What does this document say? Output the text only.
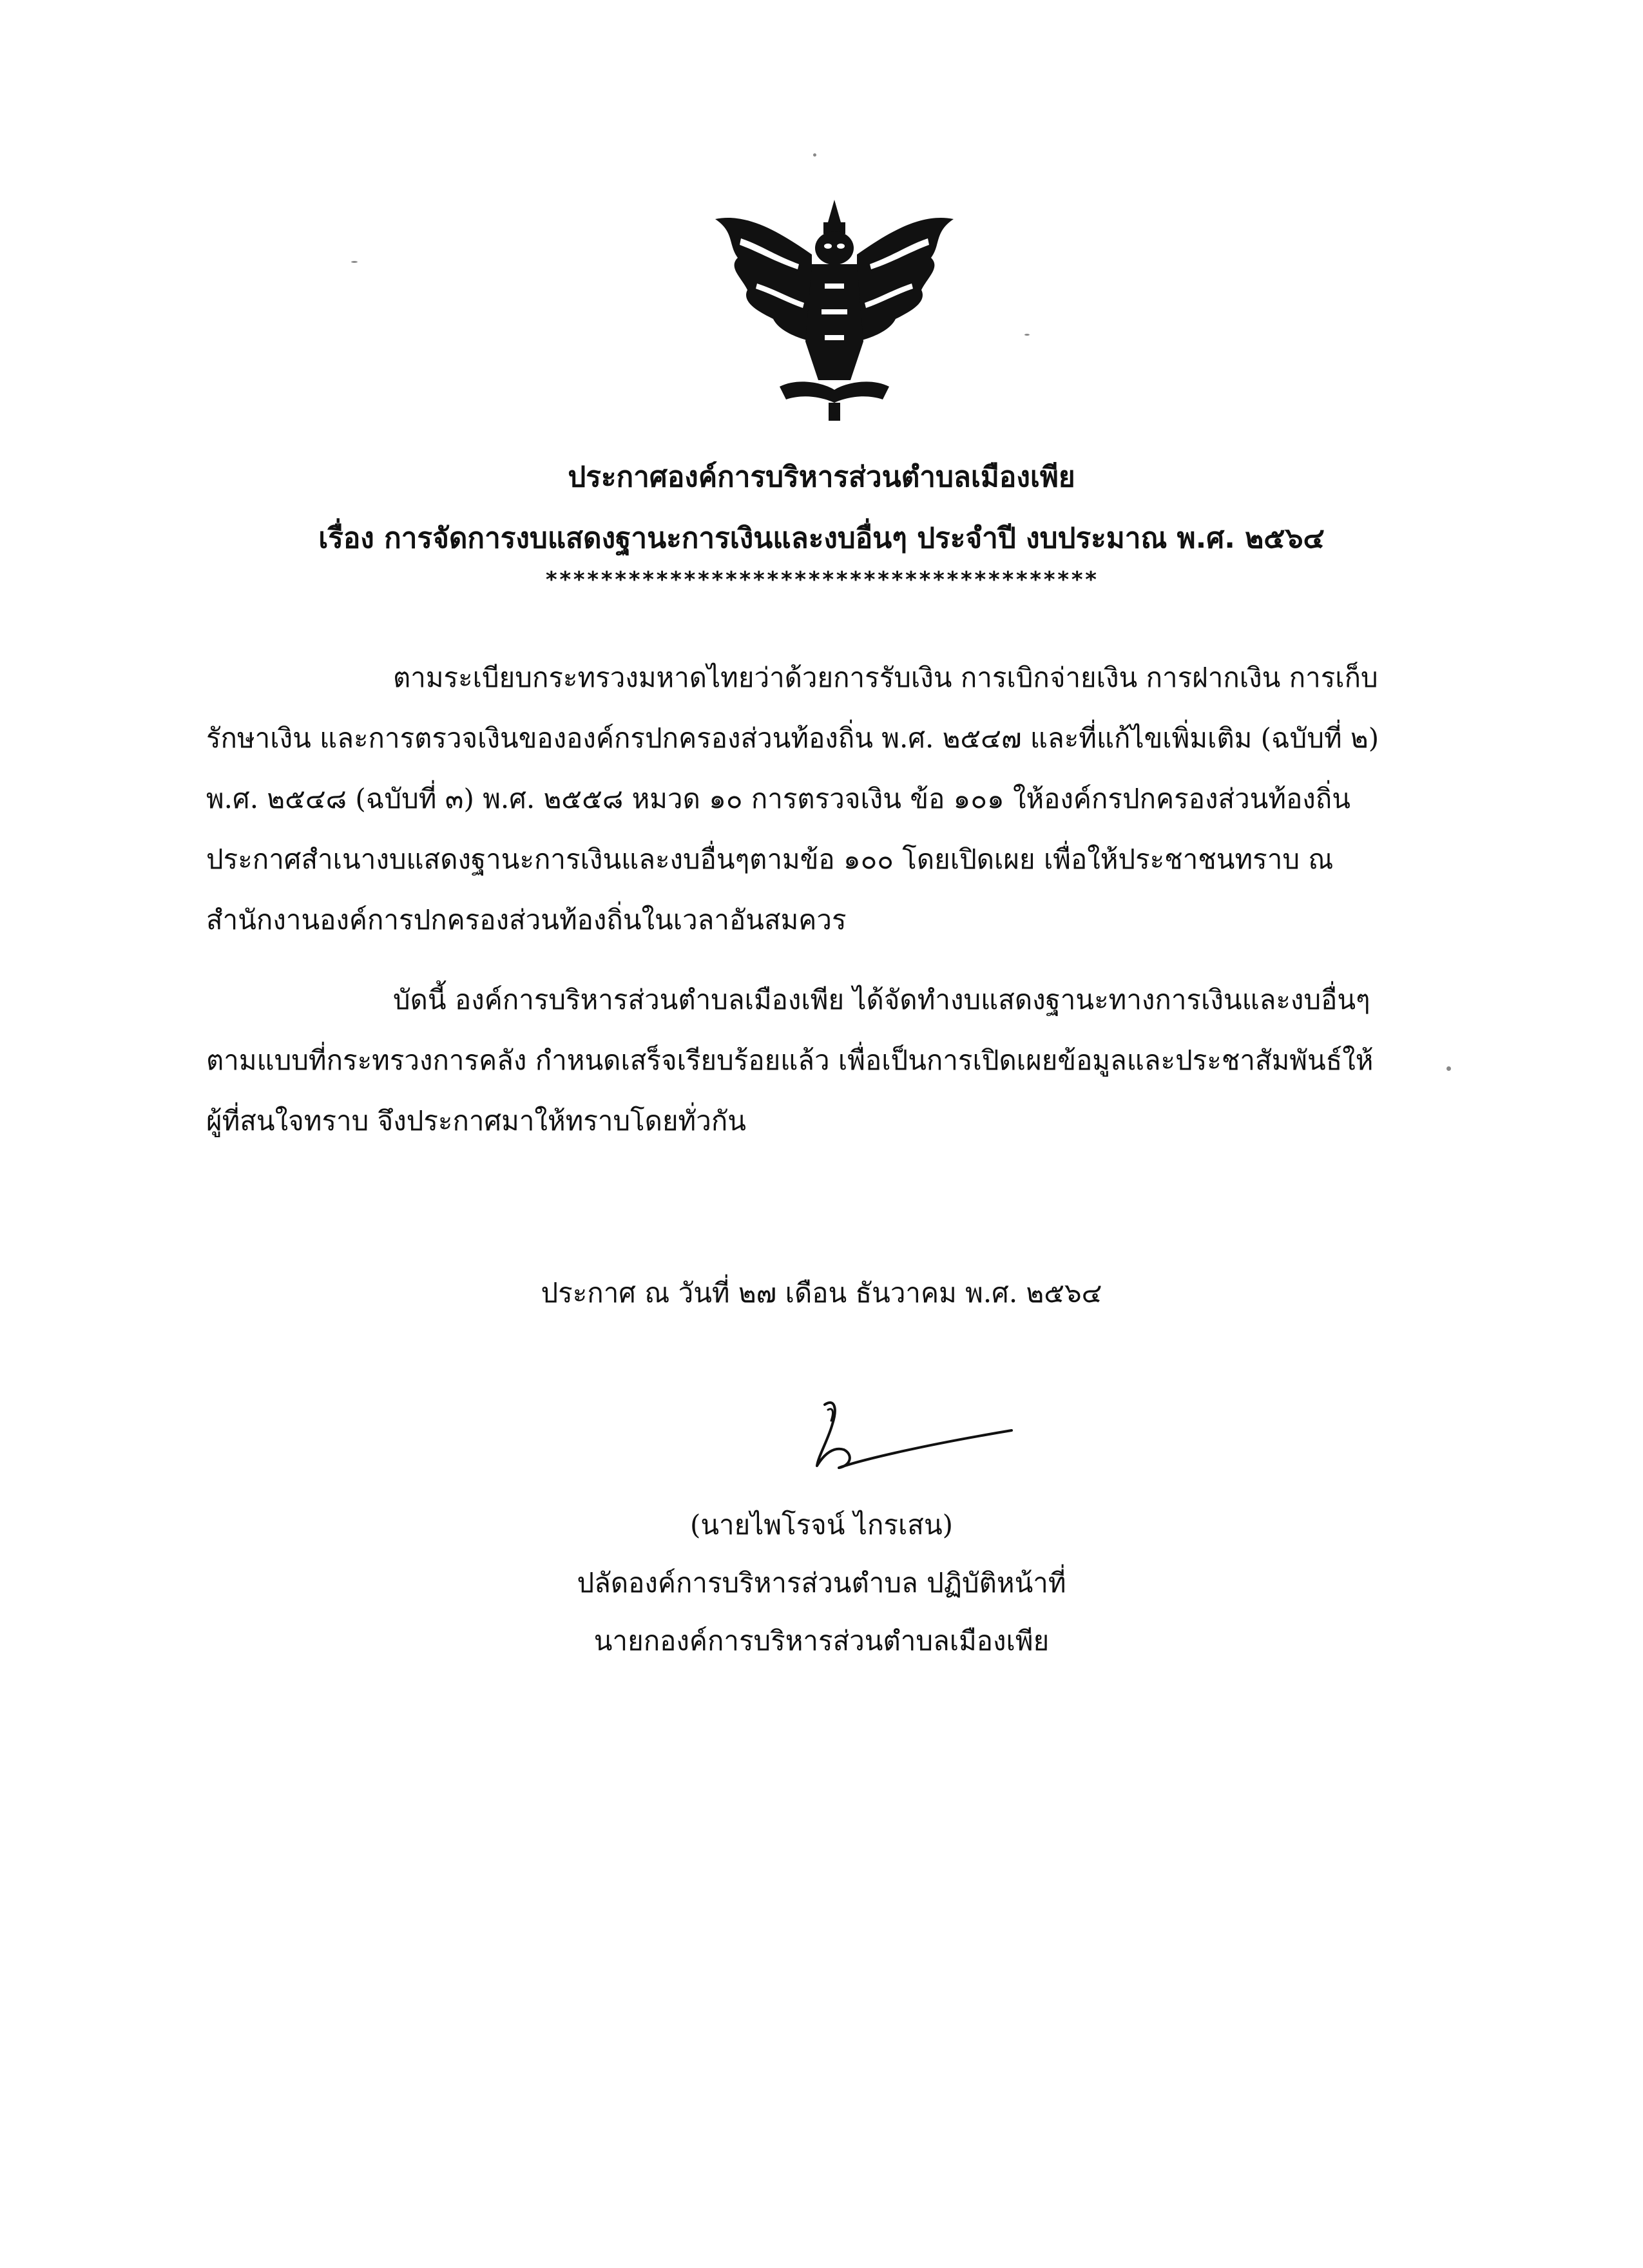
ประกาศองค์การบริหารส่วนตำบลเมืองเพีย
เรื่อง การจัดการงบแสดงฐานะการเงินและงบอื่นๆ ประจำปี งบประมาณ พ.ศ. ๒๕๖๔
****************************************
ตามระเบียบกระทรวงมหาดไทยว่าด้วยการรับเงิน การเบิกจ่ายเงิน การฝากเงิน การเก็บ
รักษาเงิน และการตรวจเงินขององค์กรปกครองส่วนท้องถิ่น พ.ศ. ๒๕๔๗ และที่แก้ไขเพิ่มเติม (ฉบับที่ ๒)
พ.ศ. ๒๕๔๘ (ฉบับที่ ๓) พ.ศ. ๒๕๕๘ หมวด ๑๐ การตรวจเงิน ข้อ ๑๐๑ ให้องค์กรปกครองส่วนท้องถิ่น
ประกาศสำเนางบแสดงฐานะการเงินและงบอื่นๆตามข้อ ๑๐๐ โดยเปิดเผย เพื่อให้ประชาชนทราบ ณ
สำนักงานองค์การปกครองส่วนท้องถิ่นในเวลาอันสมควร
บัดนี้ องค์การบริหารส่วนตำบลเมืองเพีย ได้จัดทำงบแสดงฐานะทางการเงินและงบอื่นๆ
ตามแบบที่กระทรวงการคลัง กำหนดเสร็จเรียบร้อยแล้ว เพื่อเป็นการเปิดเผยข้อมูลและประชาสัมพันธ์ให้
ผู้ที่สนใจทราบ จึงประกาศมาให้ทราบโดยทั่วกัน
ประกาศ ณ วันที่ ๒๗ เดือน ธันวาคม พ.ศ. ๒๕๖๔
(นายไพโรจน์ ไกรเสน)
ปลัดองค์การบริหารส่วนตำบล ปฏิบัติหน้าที่
นายกองค์การบริหารส่วนตำบลเมืองเพีย
